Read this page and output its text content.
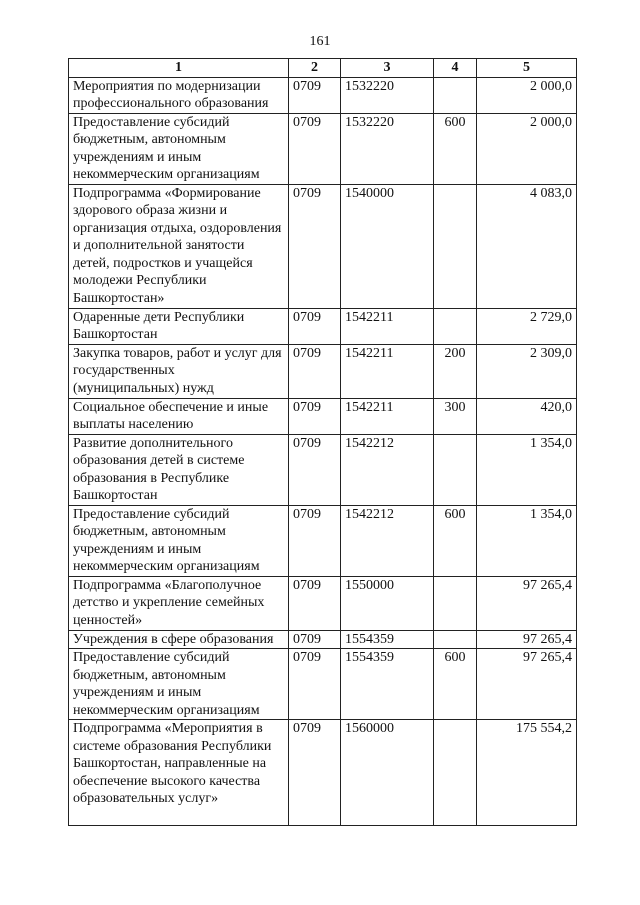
161
1	2	3	4	5
Мероприятия по модернизации профессионального образования	0709	1532220		2 000,0
Предоставление субсидий бюджетным, автономным учреждениям и иным некоммерческим организациям	0709	1532220	600	2 000,0
Подпрограмма «Формирование здорового образа жизни и организация отдыха, оздоровления и дополнительной занятости детей, подростков и учащейся молодежи Республики Башкортостан»	0709	1540000		4 083,0
Одаренные дети Республики Башкортостан	0709	1542211		2 729,0
Закупка товаров, работ и услуг для государственных (муниципальных) нужд	0709	1542211	200	2 309,0
Социальное обеспечение и иные выплаты населению	0709	1542211	300	420,0
Развитие дополнительного образования детей в системе образования в Республике Башкортостан	0709	1542212		1 354,0
Предоставление субсидий бюджетным, автономным учреждениям и иным некоммерческим организациям	0709	1542212	600	1 354,0
Подпрограмма «Благополучное детство и укрепление семейных ценностей»	0709	1550000		97 265,4
Учреждения в сфере образования	0709	1554359		97 265,4
Предоставление субсидий бюджетным, автономным учреждениям и иным некоммерческим организациям	0709	1554359	600	97 265,4
Подпрограмма «Мероприятия в системе образования Республики Башкортостан, направленные на обеспечение высокого качества образовательных услуг»	0709	1560000		175 554,2
